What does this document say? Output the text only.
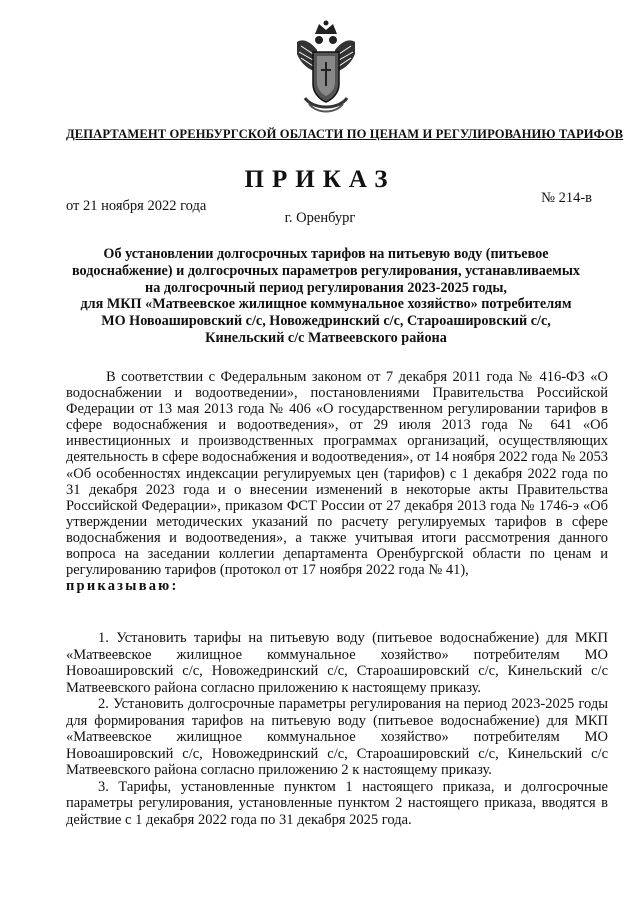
ДЕПАРТАМЕНТ ОРЕНБУРГСКОЙ ОБЛАСТИ ПО ЦЕНАМ И РЕГУЛИРОВАНИЮ ТАРИФОВ
ПРИКАЗ
от 21 ноября 2022 года	№ 214-в
г. Оренбург
Об установлении долгосрочных тарифов на питьевую воду (питьевое
водоснабжение) и долгосрочных параметров регулирования, устанавливаемых
на долгосрочный период регулирования 2023-2025 годы,
для МКП «Матвеевское жилищное коммунальное хозяйство» потребителям
МО Новоашировский с/с, Новожедринский с/с, Староаширoвский с/с,
Кинельский с/с Матвеевского района

В соответствии с Федеральным законом от 7 декабря 2011 года № 416-ФЗ «О водоснабжении и водоотведении», постановлениями Правительства Российской Федерации от 13 мая 2013 года № 406 «О государственном регулировании тарифов в сфере водоснабжения и водоотведения», от 29 июля 2013 года № 641 «Об инвестиционных и производственных программах организаций, осуществляющих деятельность в сфере водоснабжения и водоотведения», от 14 ноября 2022 года № 2053 «Об особенностях индексации регулируемых цен (тарифов) с 1 декабря 2022 года по 31 декабря 2023 года и о внесении изменений в некоторые акты Правительства Российской Федерации», приказом ФСТ России от 27 декабря 2013 года № 1746-э «Об утверждении методических указаний по расчету регулируемых тарифов в сфере водоснабжения и водоотведения», а также учитывая итоги рассмотрения данного вопроса на заседании коллегии департамента Оренбургской области по ценам и регулированию тарифов (протокол от 17 ноября 2022 года № 41),

приказываю:

1. Установить тарифы на питьевую воду (питьевое водоснабжение) для МКП «Матвеевское жилищное коммунальное хозяйство» потребителям МО Новоаширoвский с/с, Новожедринский с/с, Староаширoвский с/с, Кинельский с/с Матвеевского района согласно приложению к настоящему приказу.

2. Установить долгосрочные параметры регулирования на период 2023-2025 годы для формирования тарифов на питьевую воду (питьевое водоснабжение) для МКП «Матвеевское жилищное коммунальное хозяйство» потребителям МО Новоаширoвский с/с, Новожедринский с/с, Староаширoвский с/с, Кинельский с/с Матвеевского района согласно приложению 2 к настоящему приказу.

3. Тарифы, установленные пунктом 1 настоящего приказа, и долгосрочные параметры регулирования, установленные пунктом 2 настоящего приказа, вводятся в действие с 1 декабря 2022 года по 31 декабря 2025 года.
